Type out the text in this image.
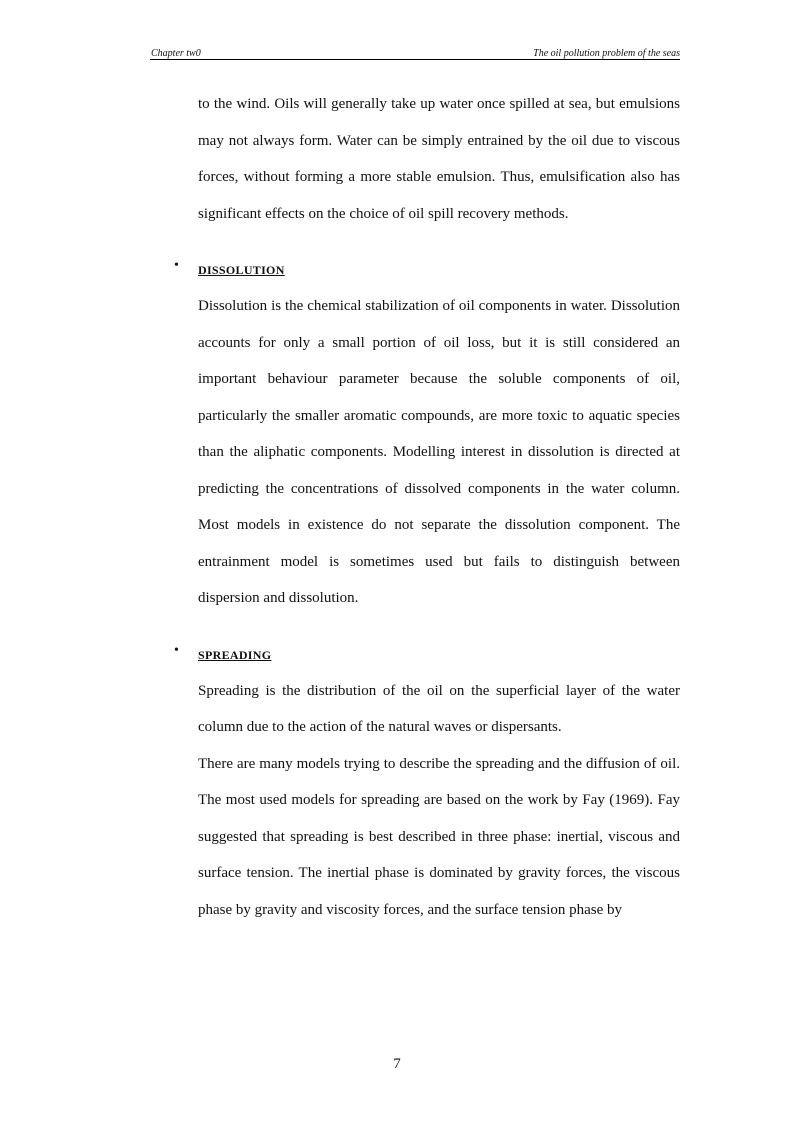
Chapter tw0	The oil pollution problem of the seas

to the wind. Oils will generally take up water once spilled at sea, but emulsions may not always form. Water can be simply entrained by the oil due to viscous forces, without forming a more stable emulsion. Thus, emulsification also has significant effects on the choice of oil spill recovery methods.

• DISSOLUTION

Dissolution is the chemical stabilization of oil components in water. Dissolution accounts for only a small portion of oil loss, but it is still considered an important behaviour parameter because the soluble components of oil, particularly the smaller aromatic compounds, are more toxic to aquatic species than the aliphatic components. Modelling interest in dissolution is directed at predicting the concentrations of dissolved components in the water column. Most models in existence do not separate the dissolution component. The entrainment model is sometimes used but fails to distinguish between dispersion and dissolution.

• SPREADING

Spreading is the distribution of the oil on the superficial layer of the water column due to the action of the natural waves or dispersants.

There are many models trying to describe the spreading and the diffusion of oil. The most used models for spreading are based on the work by Fay (1969). Fay suggested that spreading is best described in three phase: inertial, viscous and surface tension. The inertial phase is dominated by gravity forces, the viscous phase by gravity and viscosity forces, and the surface tension phase by

7
